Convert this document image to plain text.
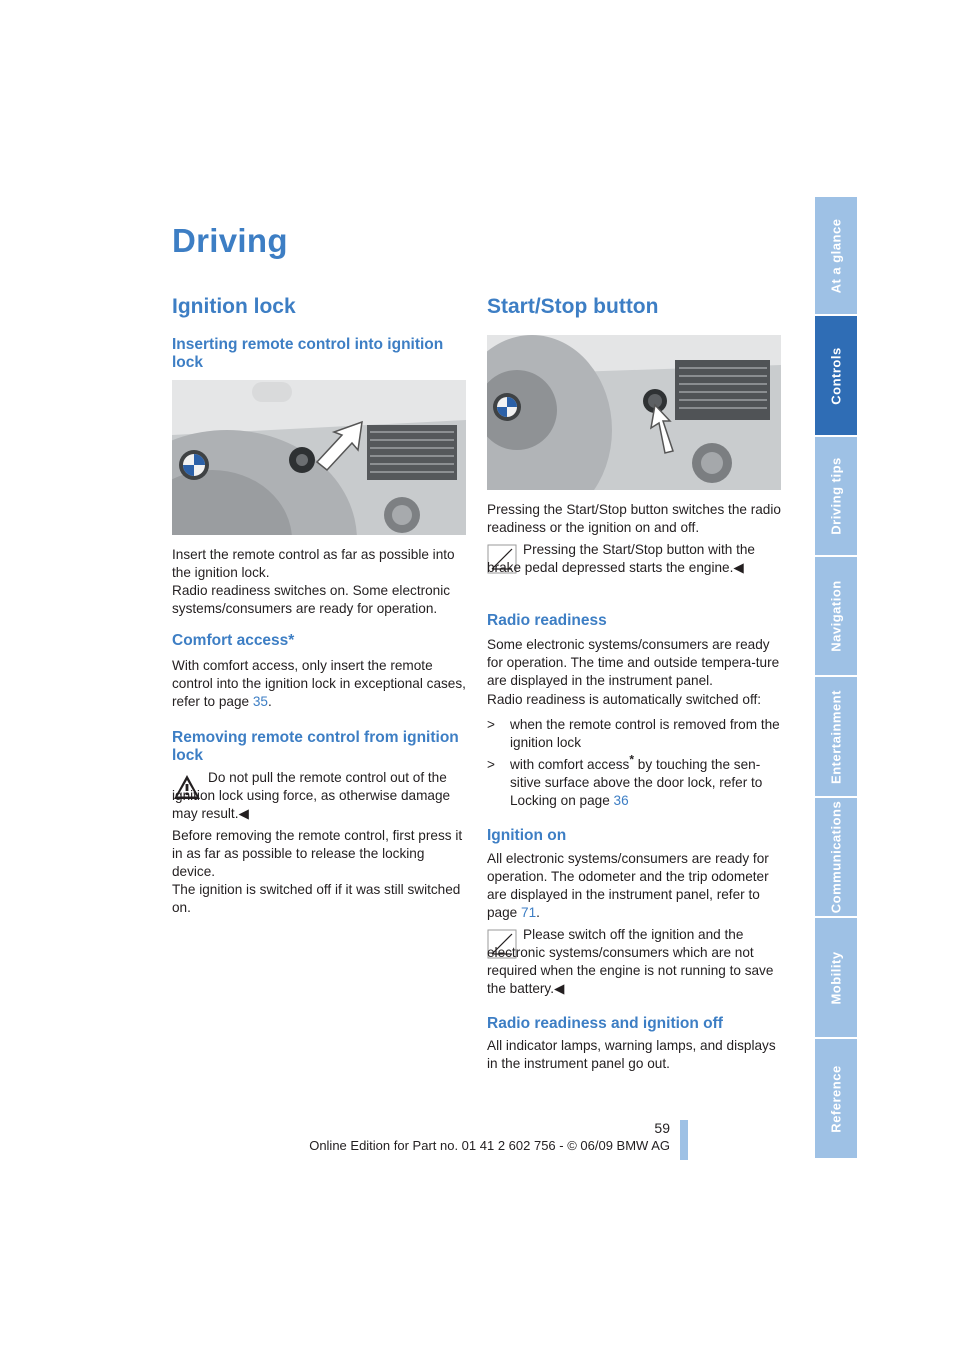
Driving
Ignition lock
Inserting remote control into ignition lock

Insert the remote control as far as possible into the ignition lock.

Radio readiness switches on. Some electronic systems/consumers are ready for operation.

Comfort access*

With comfort access, only insert the remote control into the ignition lock in exceptional cases, refer to page 35.

Removing remote control from ignition lock

Do not pull the remote control out of the ignition lock using force, as otherwise damage may result.◀

Before removing the remote control, first press it in as far as possible to release the locking device.

The ignition is switched off if it was still switched on.

Start/Stop button

Pressing the Start/Stop button switches the radio readiness or the ignition on and off.

Pressing the Start/Stop button with the brake pedal depressed starts the engine.◀

Radio readiness

Some electronic systems/consumers are ready for operation. The time and outside tempera-ture are displayed in the instrument panel.

Radio readiness is automatically switched off:

> when the remote control is removed from the ignition lock

> with comfort access* by touching the sen-sitive surface above the door lock, refer to Locking on page 36

Ignition on

All electronic systems/consumers are ready for operation. The odometer and the trip odometer are displayed in the instrument panel, refer to page 71.

Please switch off the ignition and the electronic systems/consumers which are not required when the engine is not running to save the battery.◀

Radio readiness and ignition off

All indicator lamps, warning lamps, and displays in the instrument panel go out.

At a glance
Controls
Driving tips
Navigation
Entertainment
Communications
Mobility
Reference
59
Online Edition for Part no. 01 41 2 602 756 - © 06/09 BMW AG
